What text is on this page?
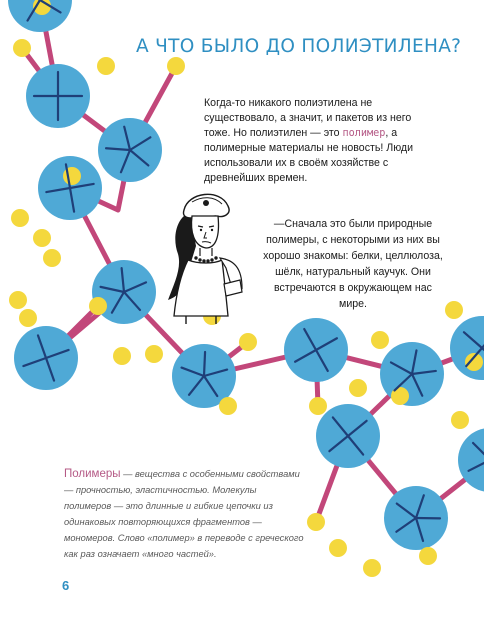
А ЧТО БЫЛО ДО ПОЛИЭТИЛЕНА?
Когда-то никакого полиэтилена не существовало, а значит, и пакетов из него тоже. Но полиэтилен — это полимер, а полимерные материалы не новость! Люди использовали их в своём хозяйстве с древнейших времен.
—Сначала это были природные полимеры, с некоторыми из них вы хорошо знакомы: белки, целлюлоза, шёлк, натуральный каучук. Они встречаются в окружающем нас мире.
Полимеры — вещества с особенными свойствами — прочностью, эластичностью. Молекулы полимеров — это длинные и гибкие цепочки из одинаковых повторяющихся фрагментов — мономеров. Слово «полимер» в переводе с греческого как раз означает «много частей».
6
